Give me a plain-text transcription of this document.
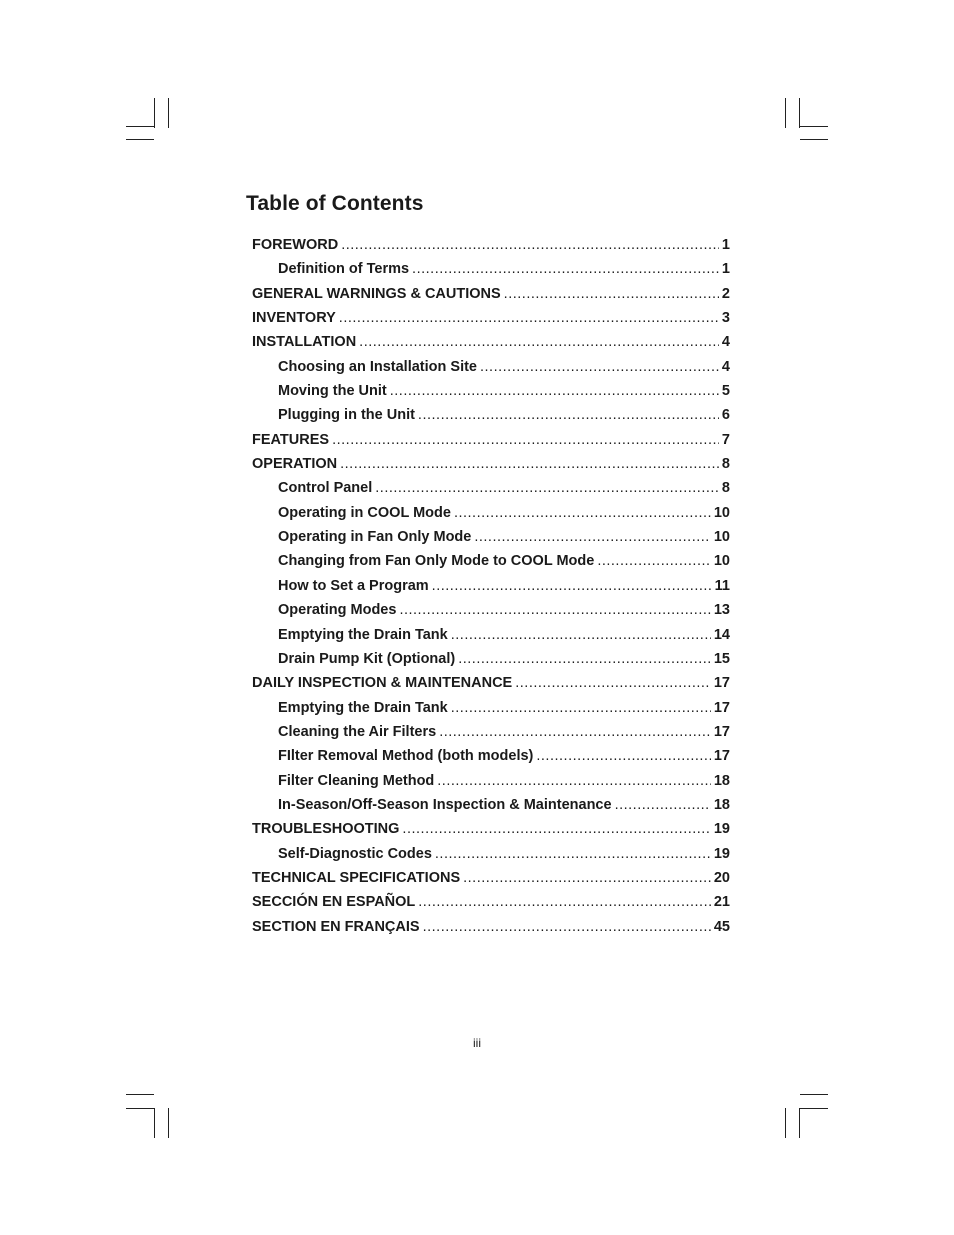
Table of Contents
FOREWORD .....	1
Definition of Terms .....	1
GENERAL WARNINGS & CAUTIONS .....	2
INVENTORY .....	3
INSTALLATION .....	4
Choosing an Installation Site .....	4
Moving the Unit .....	5
Plugging in the Unit .....	6
FEATURES .....	7
OPERATION .....	8
Control Panel .....	8
Operating in COOL Mode .....	10
Operating in Fan Only Mode .....	10
Changing from Fan Only Mode to COOL Mode .....	10
How to Set a Program .....	11
Operating Modes .....	13
Emptying the Drain Tank .....	14
Drain Pump Kit (Optional) .....	15
DAILY INSPECTION & MAINTENANCE .....	17
Emptying the Drain Tank .....	17
Cleaning the Air Filters .....	17
FIlter Removal Method (both models) .....	17
Filter Cleaning Method .....	18
In-Season/Off-Season Inspection & Maintenance .....	18
TROUBLESHOOTING .....	19
Self-Diagnostic Codes .....	19
TECHNICAL SPECIFICATIONS .....	20
SECCIÓN EN ESPAÑOL .....	21
SECTION EN FRANÇAIS .....	45
iii
